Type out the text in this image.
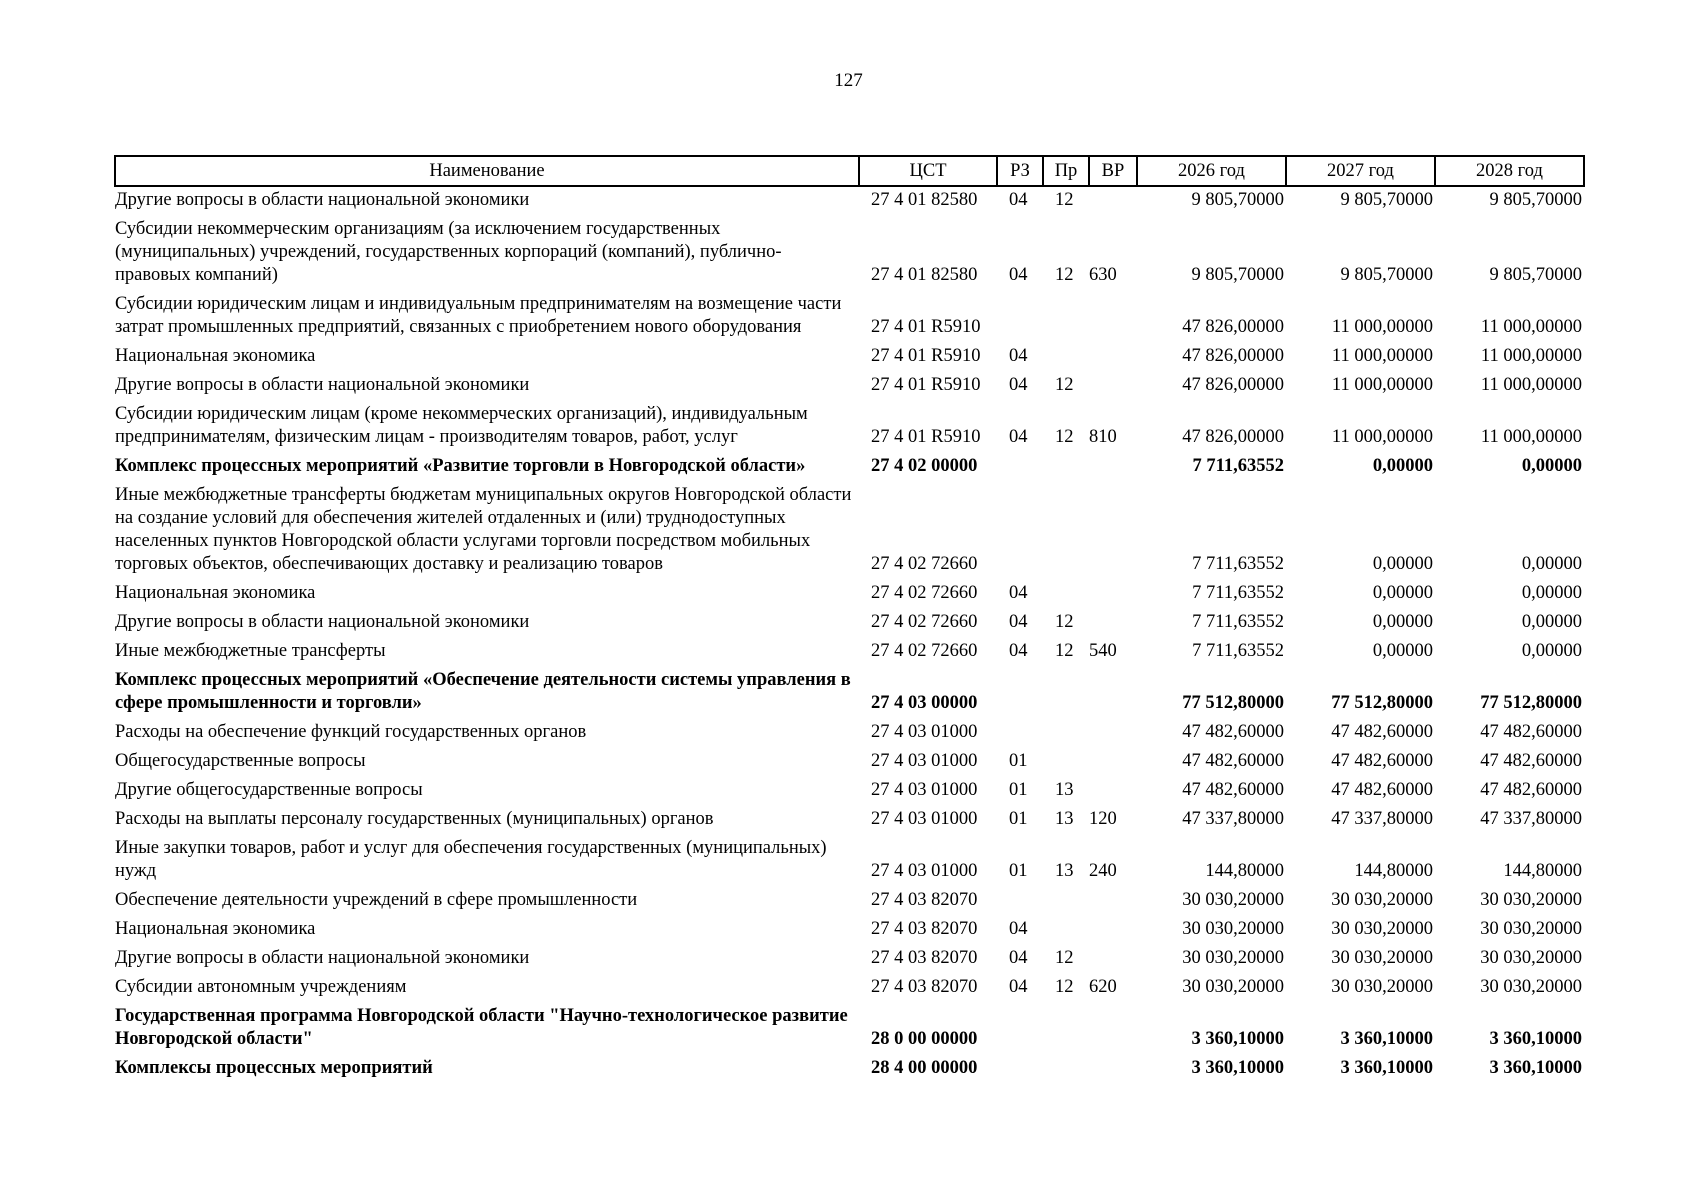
127
Наименование	ЦСТ	РЗ	Пр	ВР	2026 год	2027 год	2028 год
Другие вопросы в области национальной экономики	27 4 01 82580	04	12		9 805,70000	9 805,70000	9 805,70000
Субсидии некоммерческим организациям (за исключением государственных (муниципальных) учреждений, государственных корпораций (компаний), публично-правовых компаний)	27 4 01 82580	04	12	630	9 805,70000	9 805,70000	9 805,70000
Субсидии юридическим лицам и индивидуальным предпринимателям на возмещение части затрат промышленных предприятий, связанных с приобретением нового оборудования	27 4 01 R5910				47 826,00000	11 000,00000	11 000,00000
Национальная экономика	27 4 01 R5910	04			47 826,00000	11 000,00000	11 000,00000
Другие вопросы в области национальной экономики	27 4 01 R5910	04	12		47 826,00000	11 000,00000	11 000,00000
Субсидии юридическим лицам (кроме некоммерческих организаций), индивидуальным предпринимателям, физическим лицам - производителям товаров, работ, услуг	27 4 01 R5910	04	12	810	47 826,00000	11 000,00000	11 000,00000
Комплекс процессных мероприятий «Развитие торговли в Новгородской области»	27 4 02 00000				7 711,63552	0,00000	0,00000
Иные межбюджетные трансферты бюджетам муниципальных округов Новгородской области на создание условий для обеспечения жителей отдаленных и (или) труднодоступных населенных пунктов Новгородской области услугами торговли посредством мобильных торговых объектов, обеспечивающих доставку и реализацию товаров	27 4 02 72660				7 711,63552	0,00000	0,00000
Национальная экономика	27 4 02 72660	04			7 711,63552	0,00000	0,00000
Другие вопросы в области национальной экономики	27 4 02 72660	04	12		7 711,63552	0,00000	0,00000
Иные межбюджетные трансферты	27 4 02 72660	04	12	540	7 711,63552	0,00000	0,00000
Комплекс процессных мероприятий «Обеспечение деятельности системы управления в сфере промышленности и торговли»	27 4 03 00000				77 512,80000	77 512,80000	77 512,80000
Расходы на обеспечение функций государственных органов	27 4 03 01000				47 482,60000	47 482,60000	47 482,60000
Общегосударственные вопросы	27 4 03 01000	01			47 482,60000	47 482,60000	47 482,60000
Другие общегосударственные вопросы	27 4 03 01000	01	13		47 482,60000	47 482,60000	47 482,60000
Расходы на выплаты персоналу государственных (муниципальных) органов	27 4 03 01000	01	13	120	47 337,80000	47 337,80000	47 337,80000
Иные закупки товаров, работ и услуг для обеспечения государственных (муниципальных) нужд	27 4 03 01000	01	13	240	144,80000	144,80000	144,80000
Обеспечение деятельности учреждений в сфере промышленности	27 4 03 82070				30 030,20000	30 030,20000	30 030,20000
Национальная экономика	27 4 03 82070	04			30 030,20000	30 030,20000	30 030,20000
Другие вопросы в области национальной экономики	27 4 03 82070	04	12		30 030,20000	30 030,20000	30 030,20000
Субсидии автономным учреждениям	27 4 03 82070	04	12	620	30 030,20000	30 030,20000	30 030,20000
Государственная программа Новгородской области "Научно-технологическое развитие Новгородской области"	28 0 00 00000				3 360,10000	3 360,10000	3 360,10000
Комплексы процессных мероприятий	28 4 00 00000				3 360,10000	3 360,10000	3 360,10000
